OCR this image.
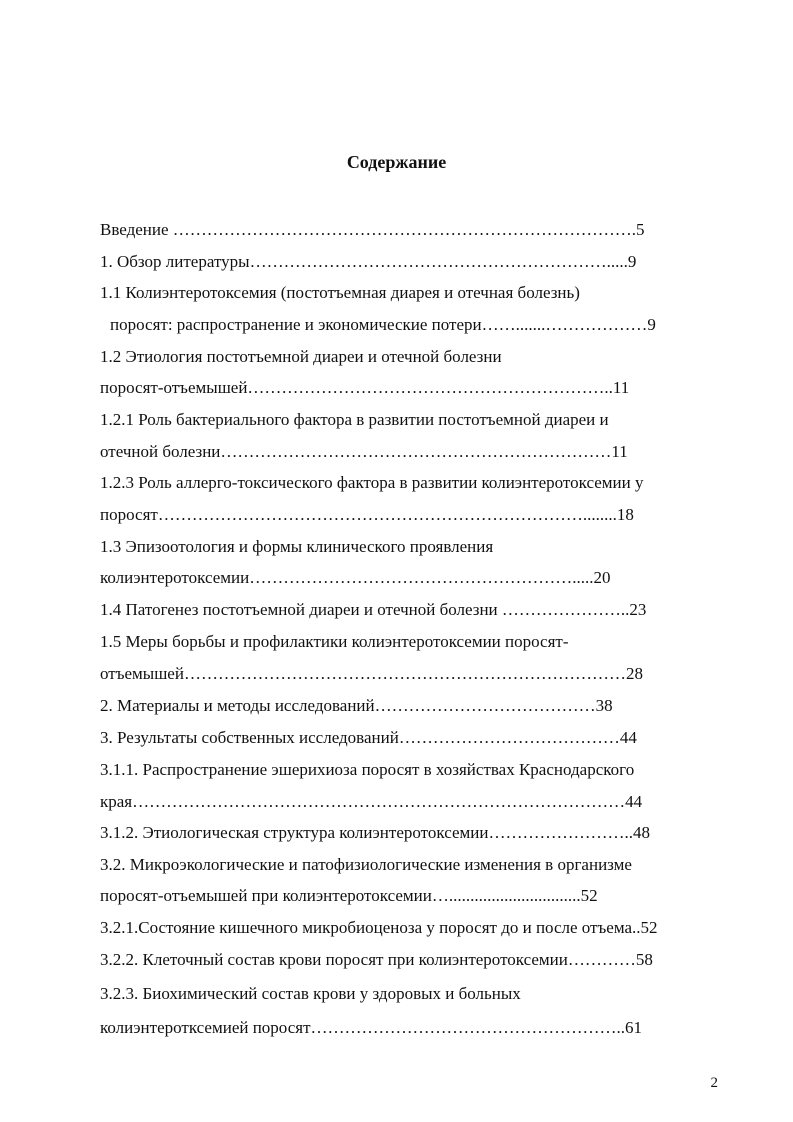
Содержание
Введение ……………………………………………………………………….5
1. Обзор литературы……………………………………………………….....9
1.1 Колиэнтеротоксемия (постотъемная диарея и отечная болезнь)
поросят: распространение и экономические потери…….......………………9
1.2 Этиология постотъемной диареи и отечной болезни
поросят-отъемышей………………………………………………………..11
1.2.1 Роль бактериального фактора в развитии постотъемной диареи и
отечной болезни……………………………………………………………11
1.2.3 Роль аллерго-токсического фактора в развитии колиэнтеротоксемии у
поросят…………………………………………………………………........18
1.3 Эпизоотология и формы клинического проявления
колиэнтеротоксемии………………………………………………….....20
1.4 Патогенез постотъемной диареи и отечной болезни …………………..23
1.5 Меры борьбы и профилактики колиэнтеротоксемии поросят-
отъемышей……………………………………………………………………28
2. Материалы и методы исследований…………………………………38
3. Результаты собственных исследований…………………………………44
3.1.1. Распространение эшерихиоза поросят в хозяйствах Краснодарского
края……………………………………………………………………………44
3.1.2. Этиологическая структура колиэнтеротоксемии……………………..48
3.2. Микроэкологические и патофизиологические изменения в организме
поросят-отъемышей при колиэнтеротоксемии…...............................52
3.2.1.Состояние кишечного микробиоценоза у поросят до и после отъема..52
3.2.2. Клеточный состав крови поросят при колиэнтеротоксемии…………58
3.2.3. Биохимический состав крови у здоровых и больных
колиэнтеротксемией поросят………………………………………………..61
2
